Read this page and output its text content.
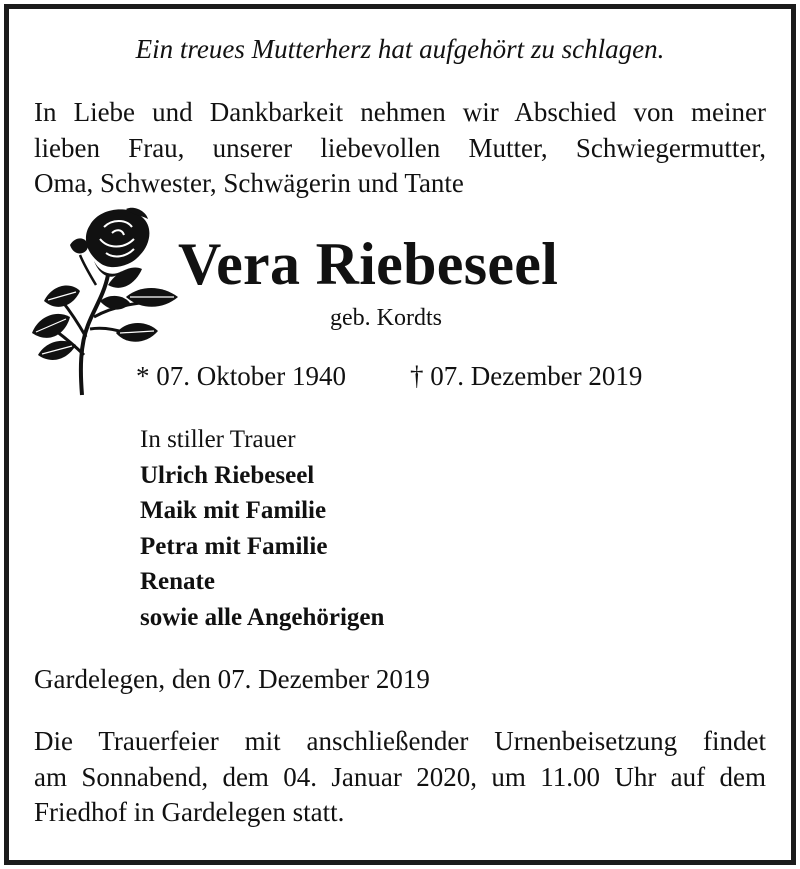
Ein treues Mutterherz hat aufgehört zu schlagen.
In Liebe und Dankbarkeit nehmen wir Abschied von meiner
lieben Frau, unserer liebevollen Mutter, Schwiegermutter,
Oma, Schwester, Schwägerin und Tante
Vera Riebeseel
geb. Kordts
* 07. Oktober 1940 † 07. Dezember 2019
In stiller Trauer
Ulrich Riebeseel
Maik mit Familie
Petra mit Familie
Renate
sowie alle Angehörigen
Gardelegen, den 07. Dezember 2019
Die Trauerfeier mit anschließender Urnenbeisetzung findet
am Sonnabend, dem 04. Januar 2020, um 11.00 Uhr auf dem
Friedhof in Gardelegen statt.
